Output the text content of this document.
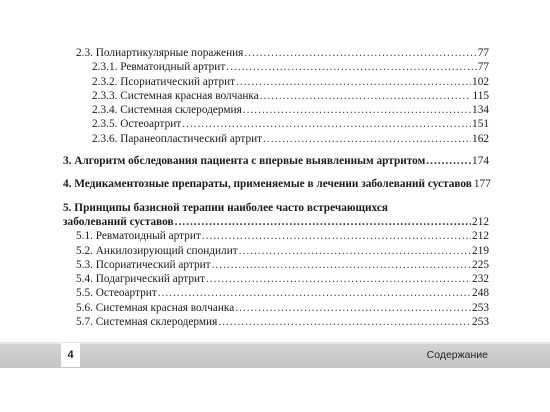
2.3. Полиартикулярные поражения .....	77
2.3.1. Ревматоидный артрит .....	77
2.3.2. Псориатический артрит .....	102
2.3.3. Системная красная волчанка .....	115
2.3.4. Системная склеродермия .....	134
2.3.5. Остеоартрит .....	151
2.3.6. Паранеопластический артрит .....	162
3. Алгоритм обследования пациента с впервые выявленным артритом .....	174
4. Медикаментозные препараты, применяемые в лечении заболеваний суставов 177
5. Принципы базисной терапии наиболее часто встречающихся
заболеваний суставов .....	212
5.1. Ревматоидный артрит .....	212
5.2. Анкилозирующий спондилит .....	219
5.3. Псориатический артрит .....	225
5.4. Подагрический артрит .....	232
5.5. Остеоартрит .....	248
5.6. Системная красная волчанка .....	253
5.7. Системная склеродермия .....	253
4	Содержание
